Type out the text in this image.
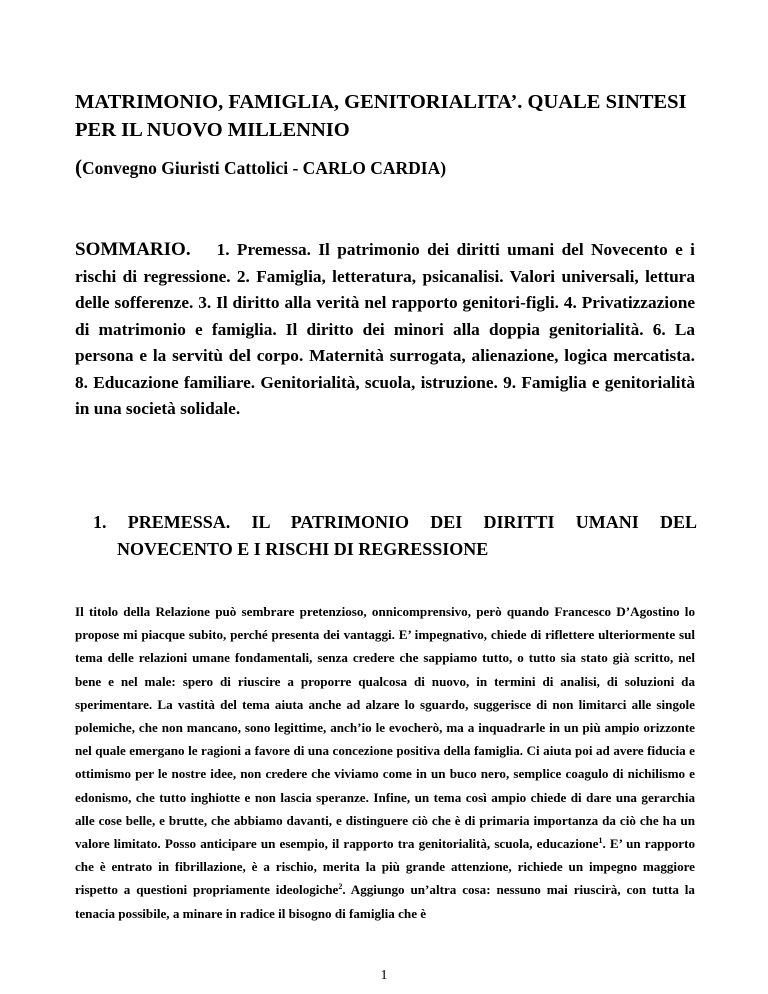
MATRIMONIO, FAMIGLIA, GENITORIALITA’. QUALE SINTESI PER IL NUOVO MILLENNIO

(Convegno Giuristi Cattolici - CARLO CARDIA)

SOMMARIO. 1. Premessa. Il patrimonio dei diritti umani del Novecento e i rischi di regressione. 2. Famiglia, letteratura, psicanalisi. Valori universali, lettura delle sofferenze. 3. Il diritto alla verità nel rapporto genitori-figli. 4. Privatizzazione di matrimonio e famiglia. Il diritto dei minori alla doppia genitorialità. 6. La persona e la servitù del corpo. Maternità surrogata, alienazione, logica mercatista. 8. Educazione familiare. Genitorialità, scuola, istruzione. 9. Famiglia e genitorialità in una società solidale.

1. PREMESSA. IL PATRIMONIO DEI DIRITTI UMANI DEL NOVECENTO E I RISCHI DI REGRESSIONE

Il titolo della Relazione può sembrare pretenzioso, onnicomprensivo, però quando Francesco D’Agostino lo propose mi piacque subito, perché presenta dei vantaggi. E’ impegnativo, chiede di riflettere ulteriormente sul tema delle relazioni umane fondamentali, senza credere che sappiamo tutto, o tutto sia stato già scritto, nel bene e nel male: spero di riuscire a proporre qualcosa di nuovo, in termini di analisi, di soluzioni da sperimentare. La vastità del tema aiuta anche ad alzare lo sguardo, suggerisce di non limitarci alle singole polemiche, che non mancano, sono legittime, anch’io le evocherò, ma a inquadrarle in un più ampio orizzonte nel quale emergano le ragioni a favore di una concezione positiva della famiglia. Ci aiuta poi ad avere fiducia e ottimismo per le nostre idee, non credere che viviamo come in un buco nero, semplice coagulo di nichilismo e edonismo, che tutto inghiotte e non lascia speranze. Infine, un tema così ampio chiede di dare una gerarchia alle cose belle, e brutte, che abbiamo davanti, e distinguere ciò che è di primaria importanza da ciò che ha un valore limitato. Posso anticipare un esempio, il rapporto tra genitorialità, scuola, educazione$^1$. E’ un rapporto che è entrato in fibrillazione, è a rischio, merita la più grande attenzione, richiede un impegno maggiore rispetto a questioni propriamente ideologiche$^2$. Aggiungo un’altra cosa: nessuno mai riuscirà, con tutta la tenacia possibile, a minare in radice il bisogno di famiglia che è

1
